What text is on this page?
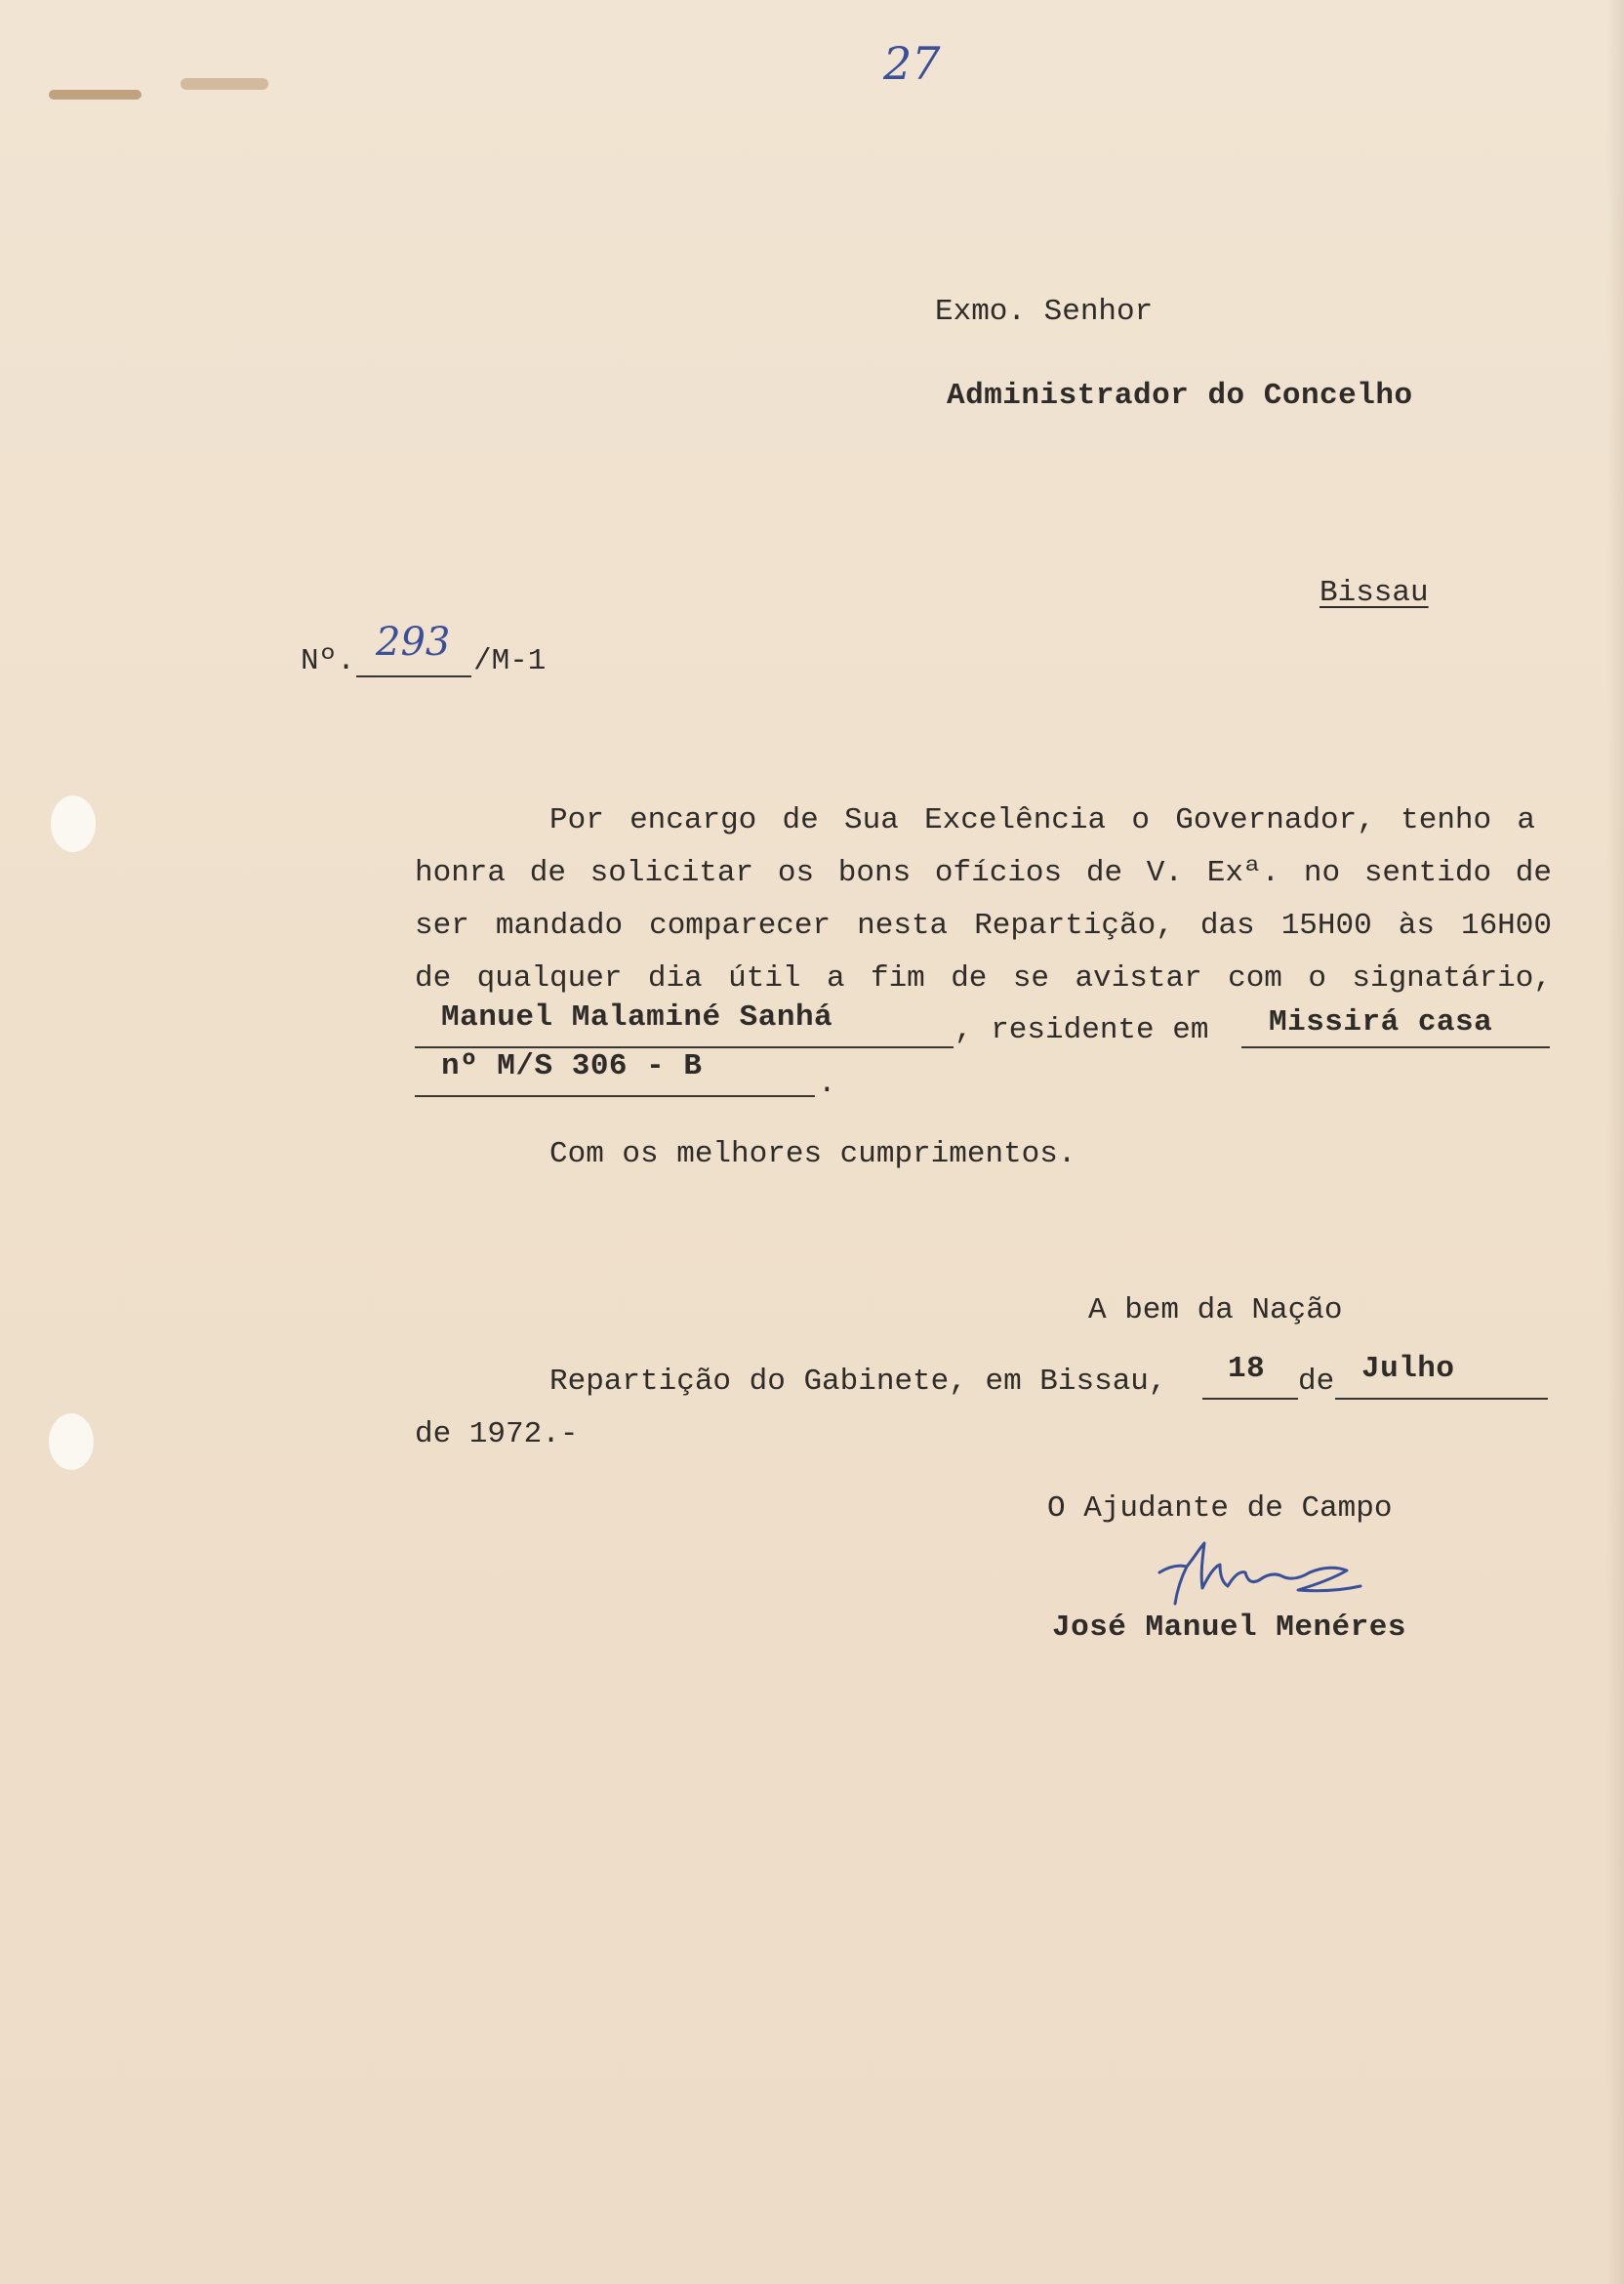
27
Exmo. Senhor
Administrador do Concelho
Bissau
Nº. 293 /M-1
Por encargo de Sua Excelência o Governador, tenho a
honra de solicitar os bons ofícios de V. Exª. no sentido de
ser mandado comparecer nesta Repartição, das 15H00 às 16H00
de qualquer dia útil a fim de se avistar com o signatário,
Manuel Malaminé Sanhá	, residente em Missirá casa
nº M/S 306 - B
.
Com os melhores cumprimentos.
A bem da Nação
Repartição do Gabinete, em Bissau, 18 de Julho
de 1972.-
O Ajudante de Campo
José Manuel Menéres
